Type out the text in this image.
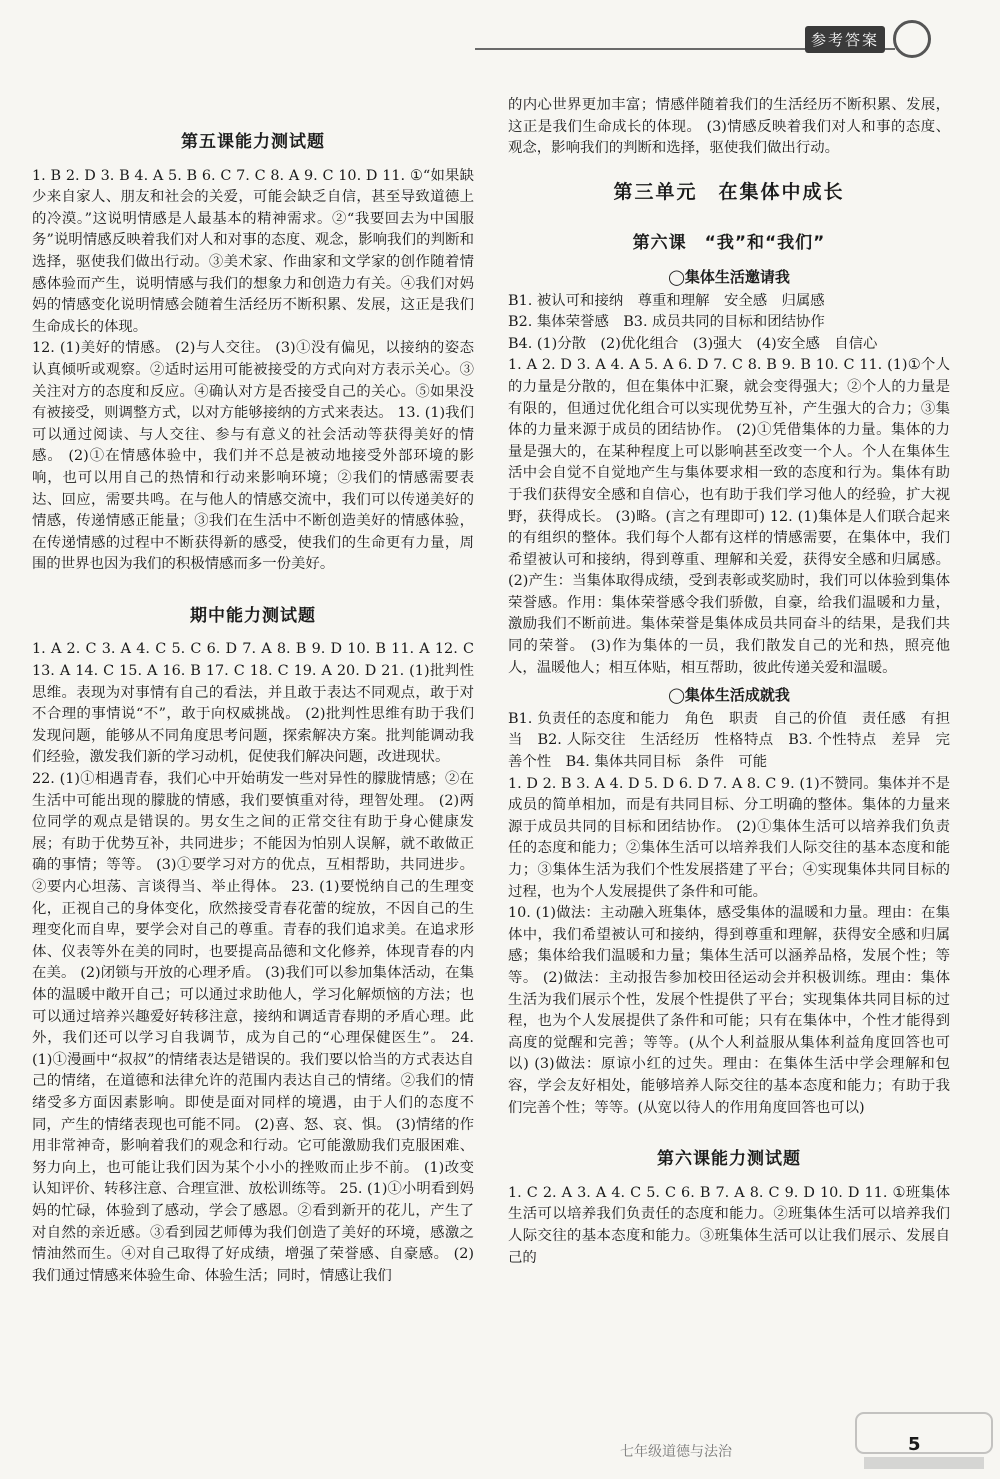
参考答案
第五课能力测试题

1. B 2. D 3. B 4. A 5. B 6. C 7. C 8. A 9. C 10. D 11. ①“如果缺少来自家人、朋友和社会的关爱，可能会缺乏自信，甚至导致道德上的冷漠。”这说明情感是人最基本的精神需求。②“我要回去为中国服务”说明情感反映着我们对人和对事的态度、观念，影响我们的判断和选择，驱使我们做出行动。③美术家、作曲家和文学家的创作随着情感体验而产生，说明情感与我们的想象力和创造力有关。④我们对妈妈的情感变化说明情感会随着生活经历不断积累、发展，这正是我们生命成长的体现。

12. (1)美好的情感。 (2)与人交往。 (3)①没有偏见，以接纳的姿态认真倾听或观察。②适时运用可能被接受的方式向对方表示关心。③关注对方的态度和反应。④确认对方是否接受自己的关心。⑤如果没有被接受，则调整方式，以对方能够接纳的方式来表达。 13. (1)我们可以通过阅读、与人交往、参与有意义的社会活动等获得美好的情感。 (2)①在情感体验中，我们并不总是被动地接受外部环境的影响，也可以用自己的热情和行动来影响环境；②我们的情感需要表达、回应，需要共鸣。在与他人的情感交流中，我们可以传递美好的情感，传递情感正能量；③我们在生活中不断创造美好的情感体验，在传递情感的过程中不断获得新的感受，使我们的生命更有力量，周围的世界也因为我们的积极情感而多一份美好。

期中能力测试题

1. A 2. C 3. A 4. C 5. C 6. D 7. A 8. B 9. D 10. B 11. A 12. C 13. A 14. C 15. A 16. B 17. C 18. C 19. A 20. D 21. (1)批判性思维。表现为对事情有自己的看法，并且敢于表达不同观点，敢于对不合理的事情说“不”，敢于向权威挑战。 (2)批判性思维有助于我们发现问题，能够从不同角度思考问题，探索解决方案。批判能调动我们经验，激发我们新的学习动机，促使我们解决问题，改进现状。

22. (1)①相遇青春，我们心中开始萌发一些对异性的朦胧情感；②在生活中可能出现的朦胧的情感，我们要慎重对待，理智处理。 (2)两位同学的观点是错误的。男女生之间的正常交往有助于身心健康发展；有助于优势互补，共同进步；不能因为怕别人误解，就不敢做正确的事情；等等。 (3)①要学习对方的优点，互相帮助，共同进步。②要内心坦荡、言谈得当、举止得体。 23. (1)要悦纳自己的生理变化，正视自己的身体变化，欣然接受青春花蕾的绽放，不因自己的生理变化而自卑，要学会对自己的尊重。青春的我们追求美。在追求形体、仪表等外在美的同时，也要提高品德和文化修养，体现青春的内在美。 (2)闭锁与开放的心理矛盾。 (3)我们可以参加集体活动，在集体的温暖中敞开自己；可以通过求助他人，学习化解烦恼的方法；也可以通过培养兴趣爱好转移注意，接纳和调适青春期的矛盾心理。此外，我们还可以学习自我调节，成为自己的“心理保健医生”。 24. (1)①漫画中“叔叔”的情绪表达是错误的。我们要以恰当的方式表达自己的情绪，在道德和法律允许的范围内表达自己的情绪。②我们的情绪受多方面因素影响。即使是面对同样的境遇，由于人们的态度不同，产生的情绪表现也可能不同。 (2)喜、怒、哀、惧。 (3)情绪的作用非常神奇，影响着我们的观念和行动。它可能激励我们克服困难、努力向上，也可能让我们因为某个小小的挫败而止步不前。 (1)改变认知评价、转移注意、合理宣泄、放松训练等。 25. (1)①小明看到妈妈的忙碌，体验到了感动，学会了感恩。②看到新开的花儿，产生了对自然的亲近感。③看到园艺师傅为我们创造了美好的环境，感激之情油然而生。④对自己取得了好成绩，增强了荣誉感、自豪感。 (2)我们通过情感来体验生命、体验生活；同时，情感让我们

的内心世界更加丰富；情感伴随着我们的生活经历不断积累、发展，这正是我们生命成长的体现。 (3)情感反映着我们对人和事的态度、观念，影响我们的判断和选择，驱使我们做出行动。

第三单元　在集体中成长
第六课　“我”和“我们”
◯集体生活邀请我

B1. 被认可和接纳　尊重和理解　安全感　归属感

B2. 集体荣誉感　B3. 成员共同的目标和团结协作

B4. (1)分散　(2)优化组合　(3)强大　(4)安全感　自信心

1. A 2. D 3. A 4. A 5. A 6. D 7. C 8. B 9. B 10. C 11. (1)①个人的力量是分散的，但在集体中汇聚，就会变得强大；②个人的力量是有限的，但通过优化组合可以实现优势互补，产生强大的合力；③集体的力量来源于成员的团结协作。 (2)①凭借集体的力量。集体的力量是强大的，在某种程度上可以影响甚至改变一个人。个人在集体生活中会自觉不自觉地产生与集体要求相一致的态度和行为。集体有助于我们获得安全感和自信心，也有助于我们学习他人的经验，扩大视野，获得成长。 (3)略。(言之有理即可) 12. (1)集体是人们联合起来的有组织的整体。我们每个人都有这样的情感需要，在集体中，我们希望被认可和接纳，得到尊重、理解和关爱，获得安全感和归属感。 (2)产生：当集体取得成绩，受到表彰或奖励时，我们可以体验到集体荣誉感。作用：集体荣誉感令我们骄傲，自豪，给我们温暖和力量，激励我们不断前进。集体荣誉是集体成员共同奋斗的结果，是我们共同的荣誉。 (3)作为集体的一员，我们散发自己的光和热，照亮他人，温暖他人；相互体贴，相互帮助，彼此传递关爱和温暖。

◯集体生活成就我

B1. 负责任的态度和能力　角色　职责　自己的价值　责任感　有担当　B2. 人际交往　生活经历　性格特点　B3. 个性特点　差异　完善个性　B4. 集体共同目标　条件　可能

1. D 2. B 3. A 4. D 5. D 6. D 7. A 8. C 9. (1)不赞同。集体并不是成员的简单相加，而是有共同目标、分工明确的整体。集体的力量来源于成员共同的目标和团结协作。 (2)①集体生活可以培养我们负责任的态度和能力；②集体生活可以培养我们人际交往的基本态度和能力；③集体生活为我们个性发展搭建了平台；④实现集体共同目标的过程，也为个人发展提供了条件和可能。

10. (1)做法：主动融入班集体，感受集体的温暖和力量。理由：在集体中，我们希望被认可和接纳，得到尊重和理解，获得安全感和归属感；集体给我们温暖和力量；集体生活可以涵养品格，发展个性；等等。 (2)做法：主动报告参加校田径运动会并积极训练。理由：集体生活为我们展示个性，发展个性提供了平台；实现集体共同目标的过程，也为个人发展提供了条件和可能；只有在集体中，个性才能得到高度的觉醒和完善；等等。(从个人利益服从集体利益角度回答也可以) (3)做法：原谅小红的过失。理由：在集体生活中学会理解和包容，学会友好相处，能够培养人际交往的基本态度和能力；有助于我们完善个性；等等。(从宽以待人的作用角度回答也可以)

第六课能力测试题

1. C 2. A 3. A 4. C 5. C 6. B 7. A 8. C 9. D 10. D 11. ①班集体生活可以培养我们负责任的态度和能力。②班集体生活可以培养我们人际交往的基本态度和能力。③班集体生活可以让我们展示、发展自己的

七年级道德与法治	5
